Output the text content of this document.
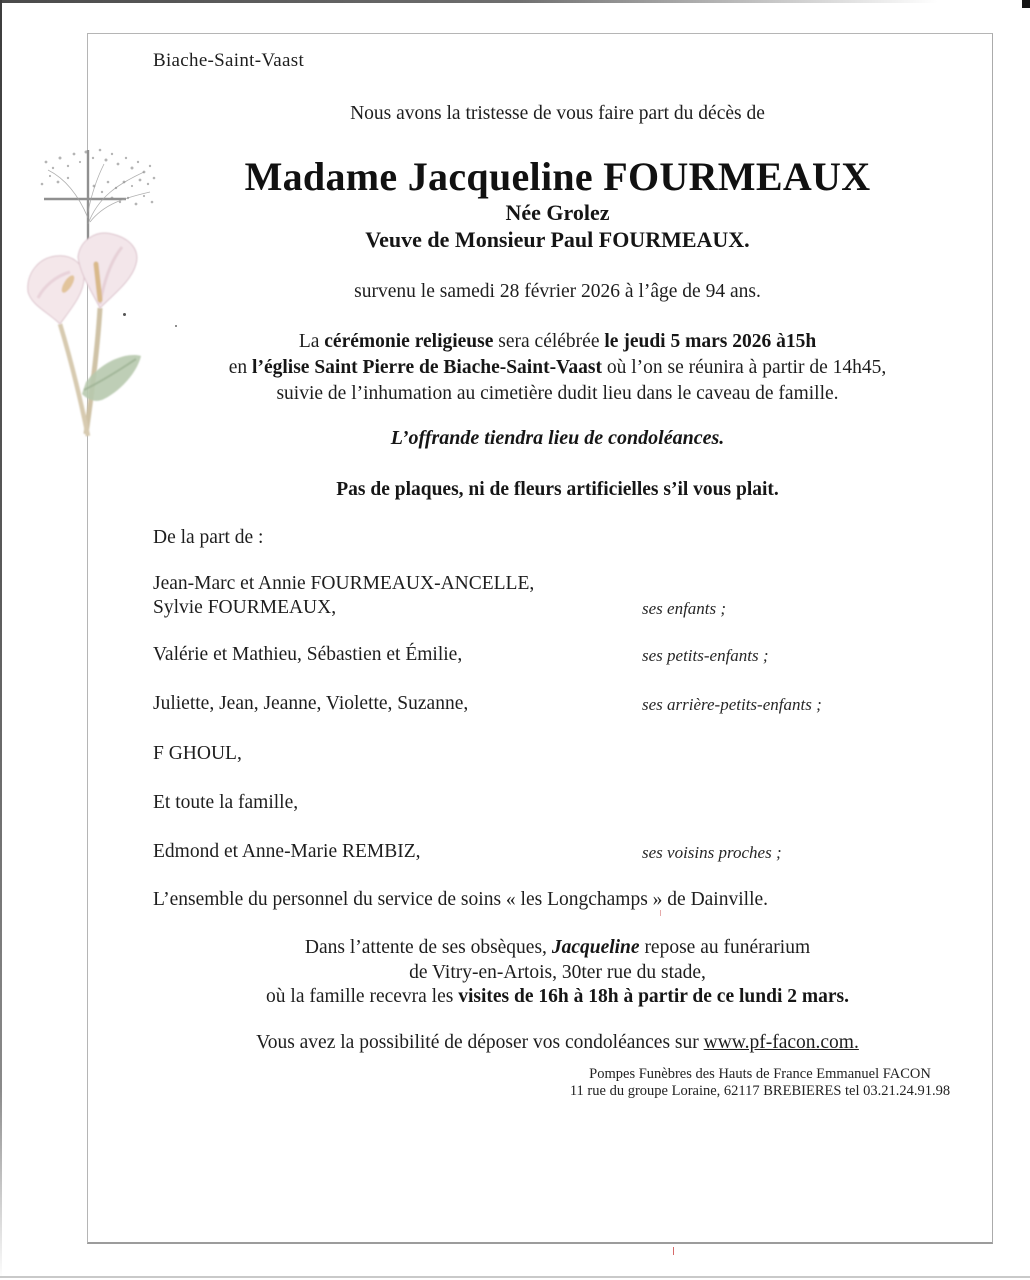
Biache-Saint-Vaast
Nous avons la tristesse de vous faire part du décès de
Madame Jacqueline FOURMEAUX
Née Grolez
Veuve de Monsieur Paul FOURMEAUX.
survenu le samedi 28 février 2026 à l’âge de 94 ans.
La cérémonie religieuse sera célébrée le jeudi 5 mars 2026 à15h
en l’église Saint Pierre de Biache-Saint-Vaast où l’on se réunira à partir de 14h45,
suivie de l’inhumation au cimetière dudit lieu dans le caveau de famille.
L’offrande tiendra lieu de condoléances.
Pas de plaques, ni de fleurs artificielles s’il vous plait.
De la part de :
Jean-Marc et Annie FOURMEAUX-ANCELLE,
Sylvie FOURMEAUX,	ses enfants ;
Valérie et Mathieu, Sébastien et Émilie,	ses petits-enfants ;
Juliette, Jean, Jeanne, Violette, Suzanne,	ses arrière-petits-enfants ;
F GHOUL,
Et toute la famille,
Edmond et Anne-Marie REMBIZ,	ses voisins proches ;
L’ensemble du personnel du service de soins « les Longchamps » de Dainville.
Dans l’attente de ses obsèques, Jacqueline repose au funérarium
de Vitry-en-Artois, 30ter rue du stade,
où la famille recevra les visites de 16h à 18h à partir de ce lundi 2 mars.
Vous avez la possibilité de déposer vos condoléances sur www.pf-facon.com.
Pompes Funèbres des Hauts de France Emmanuel FACON
11 rue du groupe Loraine, 62117 BREBIERES tel 03.21.24.91.98
